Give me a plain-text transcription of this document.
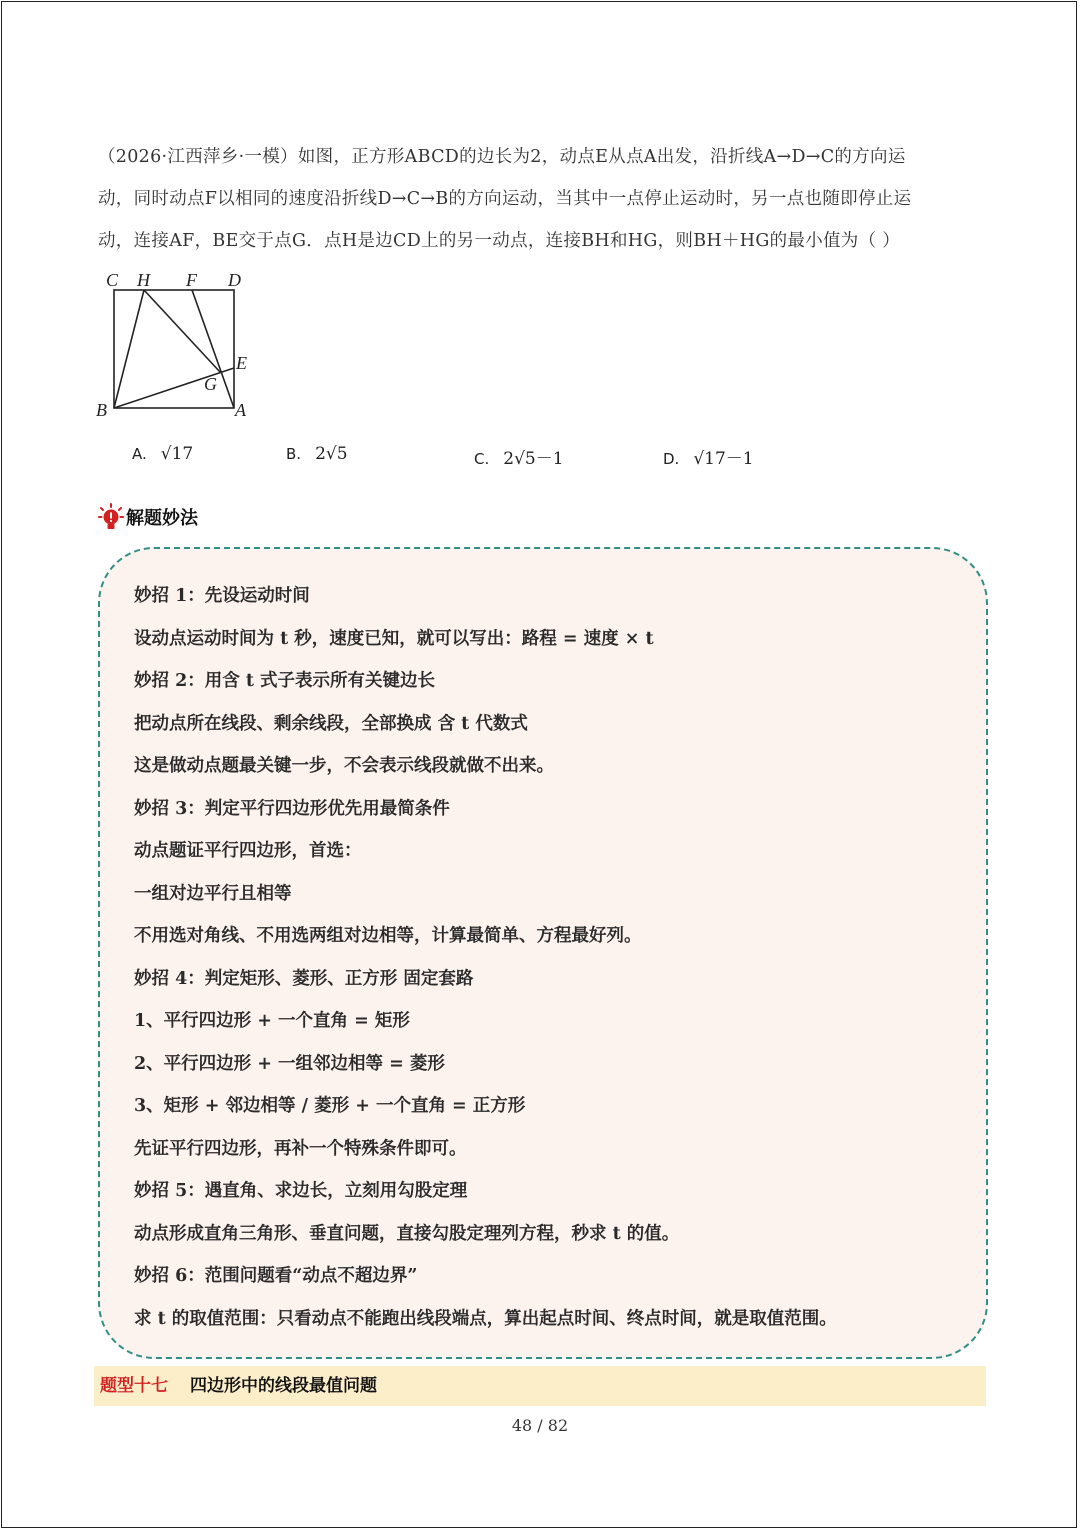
（2026·江西萍乡·一模）如图，正方形ABCD的边长为2，动点E从点A出发，沿折线A→D→C的方向运
动，同时动点F以相同的速度沿折线D→C→B的方向运动，当其中一点停止运动时，另一点也随即停止运
动，连接AF，BE交于点G．点H是边CD上的另一动点，连接BH和HG，则BH＋HG的最小值为（ ）
C H F D
E
G
B	A
A. √17	B. 2√5	C. 2√5－1	D. √17－1
解题妙法
妙招 1：先设运动时间
设动点运动时间为 t 秒，速度已知，就可以写出：路程 = 速度 × t
妙招 2：用含 t 式子表示所有关键边长
把动点所在线段、剩余线段，全部换成 含 t 代数式
这是做动点题最关键一步，不会表示线段就做不出来。
妙招 3：判定平行四边形优先用最简条件
动点题证平行四边形，首选：
一组对边平行且相等
不用选对角线、不用选两组对边相等，计算最简单、方程最好列。
妙招 4：判定矩形、菱形、正方形 固定套路
1、平行四边形 + 一个直角 = 矩形
2、平行四边形 + 一组邻边相等 = 菱形
3、矩形 + 邻边相等 / 菱形 + 一个直角 = 正方形
先证平行四边形，再补一个特殊条件即可。
妙招 5：遇直角、求边长，立刻用勾股定理
动点形成直角三角形、垂直问题，直接勾股定理列方程，秒求 t 的值。
妙招 6：范围问题看“动点不超边界”
求 t 的取值范围：只看动点不能跑出线段端点，算出起点时间、终点时间，就是取值范围。
题型十七 四边形中的线段最值问题
48 / 82
